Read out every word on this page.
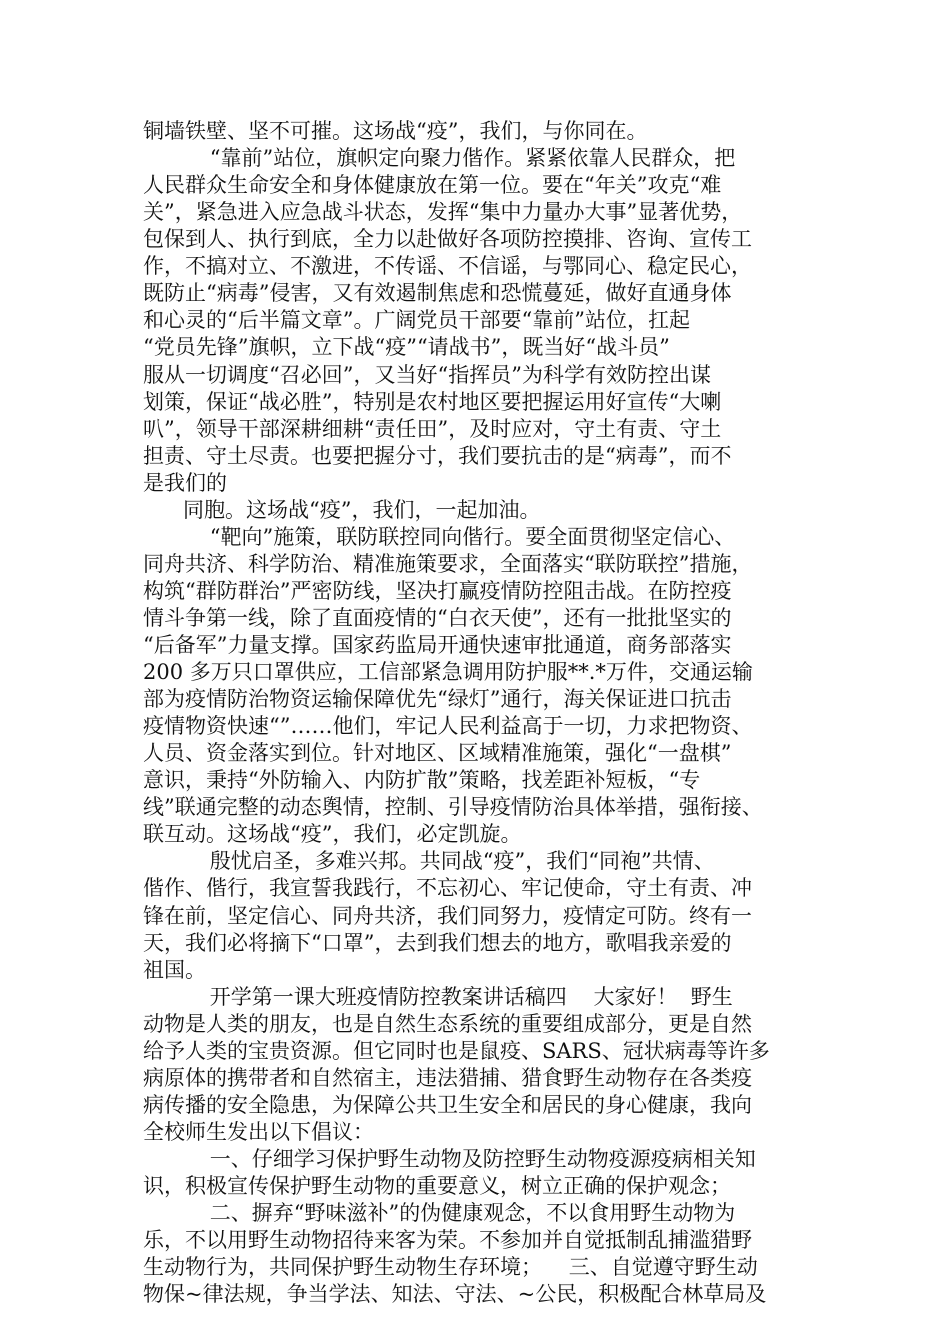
铜墙铁壁、坚不可摧。这场战“疫”，我们，与你同在。

“靠前”站位，旗帜定向聚力偕作。紧紧依靠人民群众，把

人民群众生命安全和身体健康放在第一位。要在“年关”攻克“难

关”，紧急进入应急战斗状态，发挥“集中力量办大事”显著优势，

包保到人、执行到底，全力以赴做好各项防控摸排、咨询、宣传工

作，不搞对立、不激进，不传谣、不信谣，与鄂同心、稳定民心，

既防止“病毒”侵害，又有效遏制焦虑和恐慌蔓延，做好直通身体

和心灵的“后半篇文章”。广阔党员干部要“靠前”站位，扛起

“党员先锋”旗帜，立下战“疫”“请战书”，既当好“战斗员”

服从一切调度“召必回”，又当好“指挥员”为科学有效防控出谋

划策，保证“战必胜”，特别是农村地区要把握运用好宣传“大喇

叭”，领导干部深耕细耕“责任田”，及时应对，守土有责、守土

担责、守土尽责。也要把握分寸，我们要抗击的是“病毒”，而不

是我们的

同胞。这场战“疫”，我们，一起加油。

“靶向”施策，联防联控同向偕行。要全面贯彻坚定信心、

同舟共济、科学防治、精准施策要求，全面落实“联防联控”措施，

构筑“群防群治”严密防线，坚决打赢疫情防控阻击战。在防控疫

情斗争第一线，除了直面疫情的“白衣天使”，还有一批批坚实的

“后备军”力量支撑。国家药监局开通快速审批通道，商务部落实

200 多万只口罩供应，工信部紧急调用防护服**.*万件，交通运输

部为疫情防治物资运输保障优先“绿灯”通行，海关保证进口抗击

疫情物资快速“”……他们，牢记人民利益高于一切，力求把物资、

人员、资金落实到位。针对地区、区域精准施策，强化“一盘棋”

意识，秉持“外防输入、内防扩散”策略，找差距补短板，“专

线”联通完整的动态舆情，控制、引导疫情防治具体举措，强衔接、

联互动。这场战“疫”，我们，必定凯旋。

殷忧启圣，多难兴邦。共同战“疫”，我们“同袍”共情、

偕作、偕行，我宣誓我践行，不忘初心、牢记使命，守土有责、冲

锋在前，坚定信心、同舟共济，我们同努力，疫情定可防。终有一

天，我们必将摘下“口罩”，去到我们想去的地方，歌唱我亲爱的

祖国。

开学第一课大班疫情防控教案讲话稿四    大家好！  野生

动物是人类的朋友，也是自然生态系统的重要组成部分，更是自然

给予人类的宝贵资源。但它同时也是鼠疫、SARS、冠状病毒等许多

病原体的携带者和自然宿主，违法猎捕、猎食野生动物存在各类疫

病传播的安全隐患，为保障公共卫生安全和居民的身心健康，我向

全校师生发出以下倡议：

一、仔细学习保护野生动物及防控野生动物疫源疫病相关知

识，积极宣传保护野生动物的重要意义，树立正确的保护观念；

二、摒弃“野味滋补”的伪健康观念，不以食用野生动物为

乐，不以用野生动物招待来客为荣。不参加并自觉抵制乱捕滥猎野

生动物行为，共同保护野生动物生存环境；    三、自觉遵守野生动

物保~律法规，争当学法、知法、守法、~公民，积极配合林草局及
